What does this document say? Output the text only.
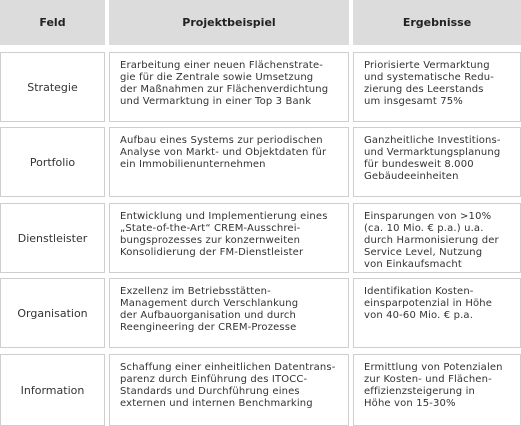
Feld	Projektbeispiel	Ergebnisse
Strategie
Erarbeitung einer neuen Flächenstrate-
gie für die Zentrale sowie Umsetzung
der Maßnahmen zur Flächenverdichtung
und Vermarktung in einer Top 3 Bank
Priorisierte Vermarktung
und systematische Redu-
zierung des Leerstands
um insgesamt 75%
Portfolio
Aufbau eines Systems zur periodischen
Analyse von Markt- und Objektdaten für
ein Immobilienunternehmen
Ganzheitliche Investitions-
und Vermarktungsplanung
für bundesweit 8.000
Gebäudeeinheiten
Dienstleister
Entwicklung und Implementierung eines
„State-of-the-Art“ CREM-Ausschrei-
bungsprozesses zur konzernweiten
Konsolidierung der FM-Dienstleister
Einsparungen von >10%
(ca. 10 Mio. € p.a.) u.a.
durch Harmonisierung der
Service Level, Nutzung
von Einkaufsmacht
Organisation
Exzellenz im Betriebsstätten-
Management durch Verschlankung
der Aufbauorganisation und durch
Reengineering der CREM-Prozesse
Identifikation Kosten-
einsparpotenzial in Höhe
von 40-60 Mio. € p.a.
Information
Schaffung einer einheitlichen Datentrans-
parenz durch Einführung des ITOCC-
Standards und Durchführung eines
externen und internen Benchmarking
Ermittlung von Potenzialen
zur Kosten- und Flächen-
effizienzsteigerung in
Höhe von 15-30%
